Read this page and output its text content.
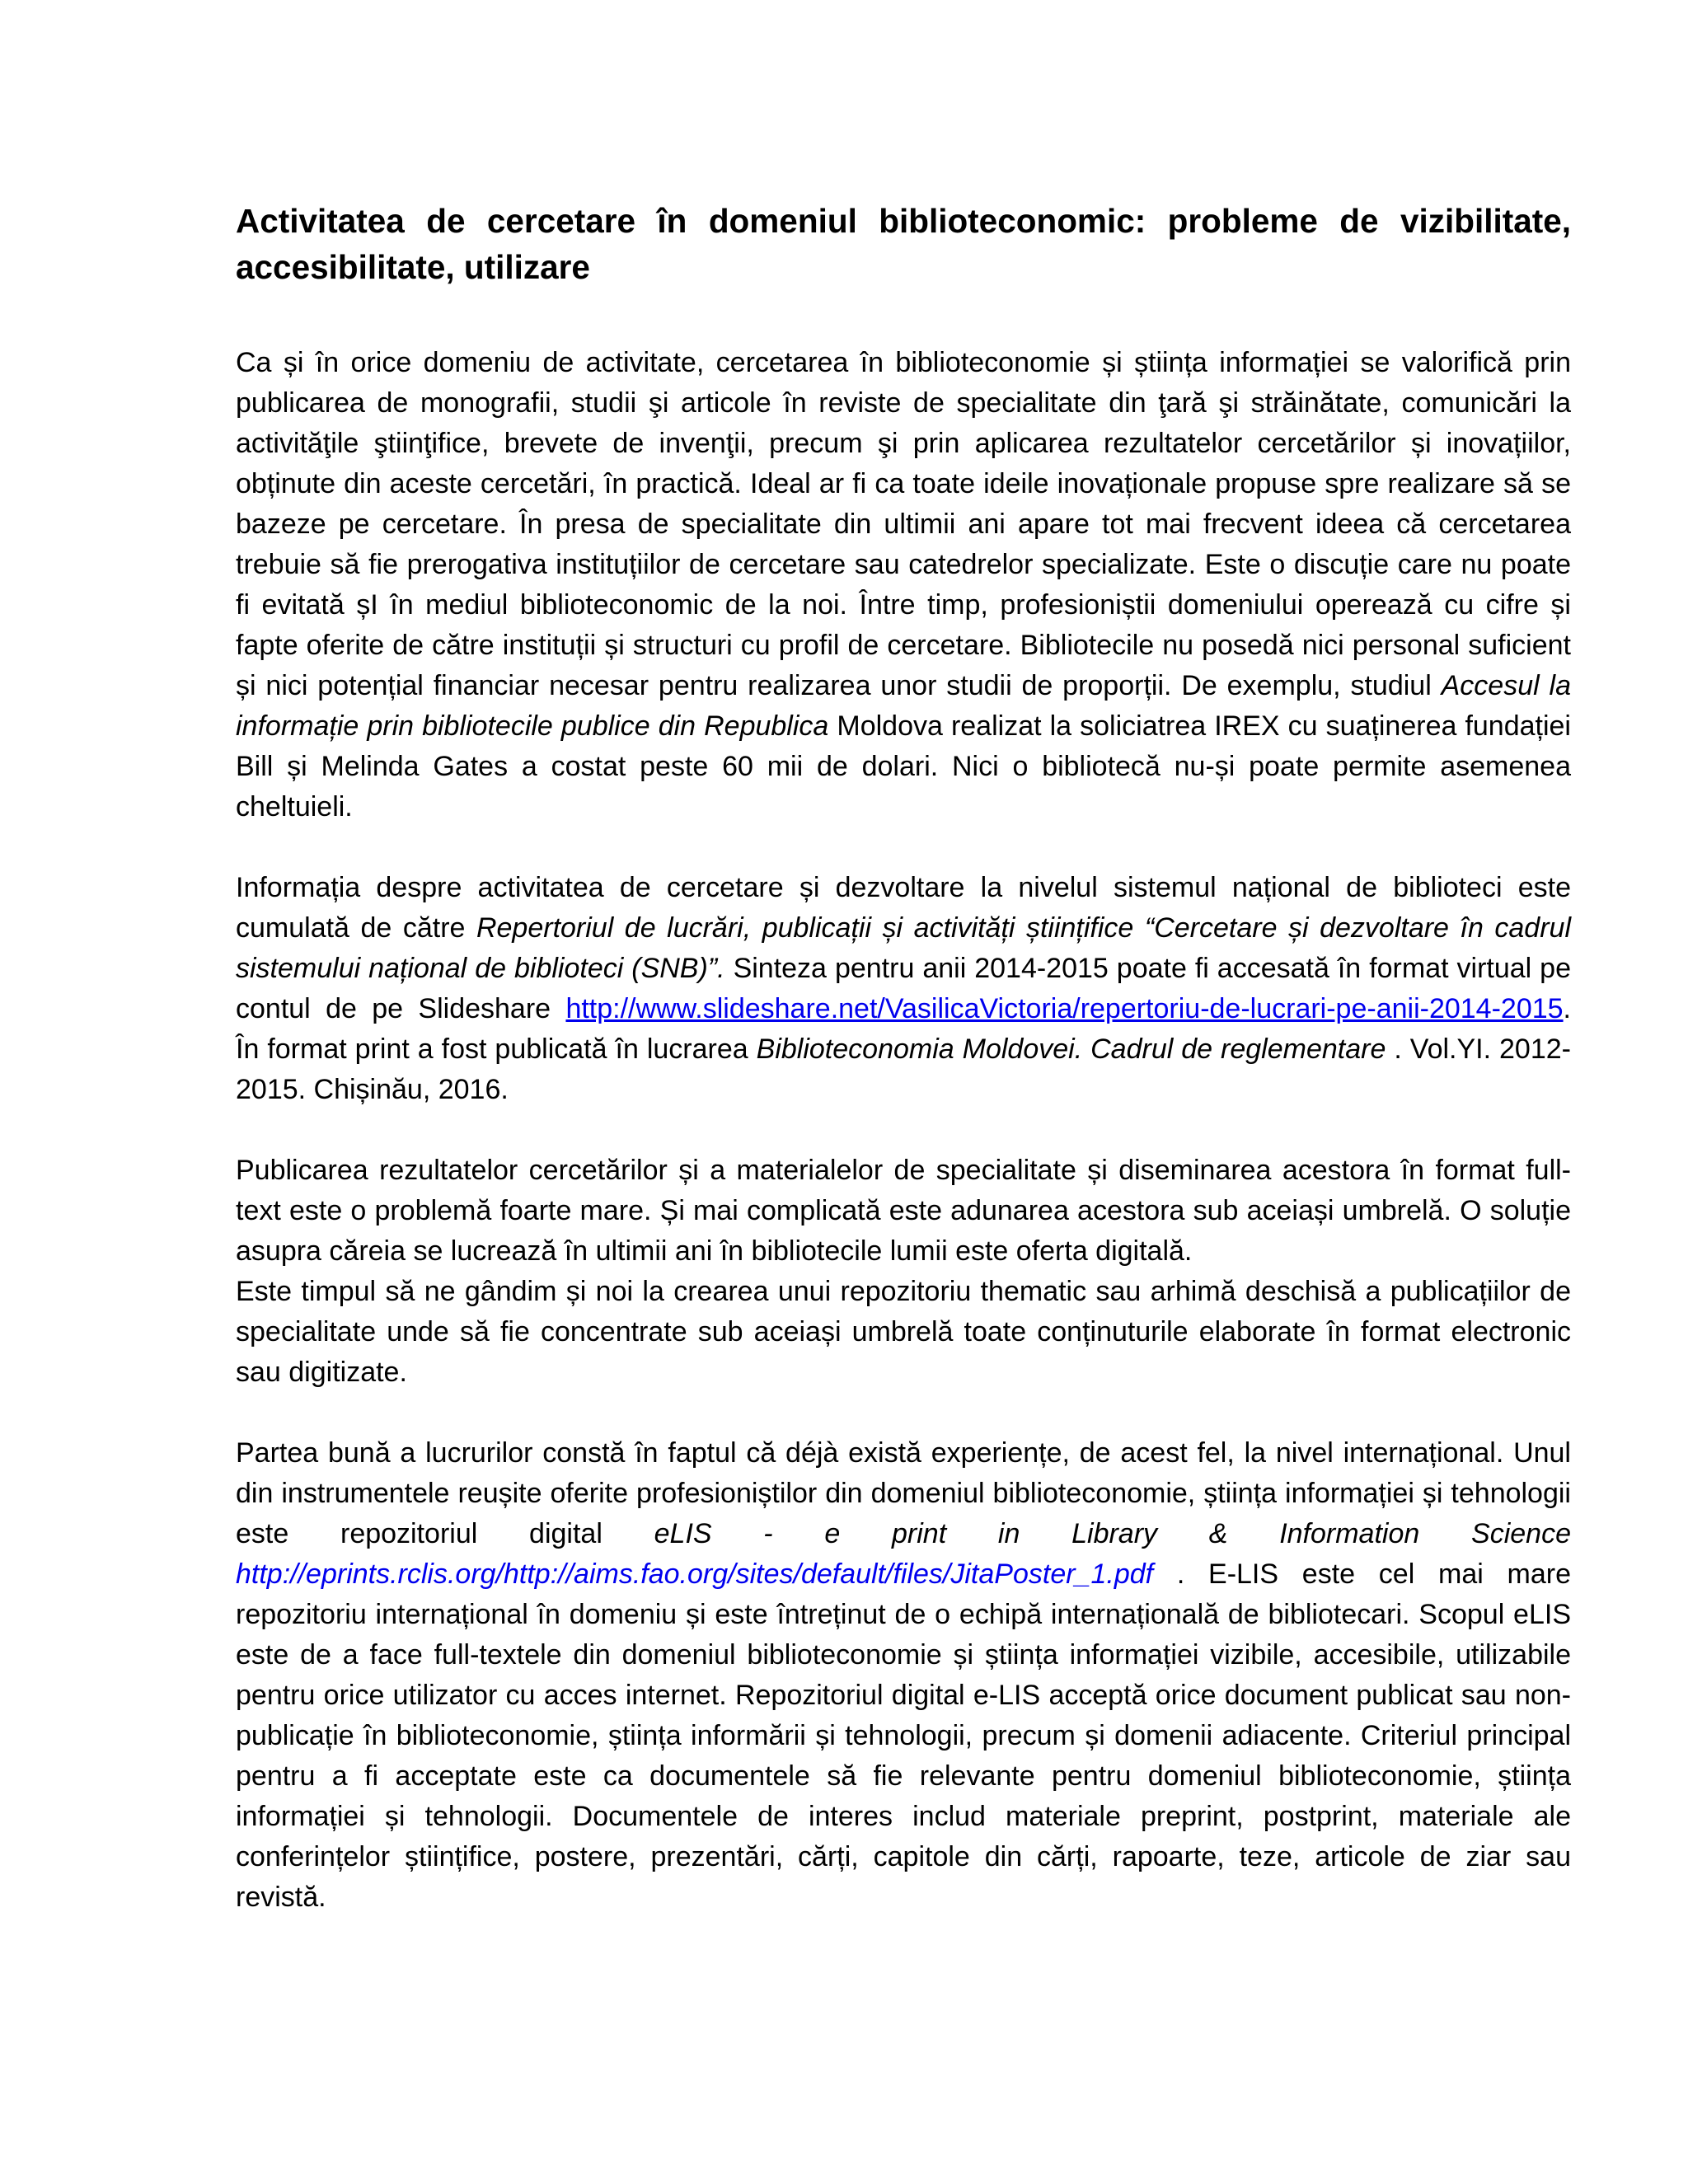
Activitatea de cercetare în domeniul biblioteconomic: probleme de vizibilitate, accesibilitate, utilizare

Ca și în orice domeniu de activitate, cercetarea în biblioteconomie și știința informației se valorifică prin publicarea de monografii, studii şi articole în reviste de specialitate din ţară şi străinătate, comunicări la activităţile ştiinţifice, brevete de invenţii, precum şi prin aplicarea rezultatelor cercetărilor și inovațiilor, obținute din aceste cercetări, în practică. Ideal ar fi ca toate ideile inovaționale propuse spre realizare să se bazeze pe cercetare. În presa de specialitate din ultimii ani apare tot mai frecvent ideea că cercetarea trebuie să fie prerogativa instituțiilor de cercetare sau catedrelor specializate. Este o discuție care nu poate fi evitată șI în mediul biblioteconomic de la noi. Între timp, profesioniștii domeniului operează cu cifre și fapte oferite de către instituții și structuri cu profil de cercetare. Bibliotecile nu posedă nici personal suficient și nici potențial financiar necesar pentru realizarea unor studii de proporții. De exemplu, studiul Accesul la informație prin bibliotecile publice din Republica Moldova realizat la soliciatrea IREX cu suaținerea fundației Bill și Melinda Gates a costat peste 60 mii de dolari. Nici o bibliotecă nu-și poate permite asemenea cheltuieli.

Informația despre activitatea de cercetare și dezvoltare la nivelul sistemul național de biblioteci este cumulată de către Repertoriul de lucrări, publicații și activități științifice “Cercetare și dezvoltare în cadrul sistemului național de biblioteci (SNB)”. Sinteza pentru anii 2014-2015 poate fi accesată în format virtual pe contul de pe Slideshare http://www.slideshare.net/VasilicaVictoria/repertoriu-de-lucrari-pe-anii-2014-2015. În format print a fost publicată în lucrarea Biblioteconomia Moldovei. Cadrul de reglementare . Vol.YI. 2012-2015. Chișinău, 2016.

Publicarea rezultatelor cercetărilor și a materialelor de specialitate și diseminarea acestora în format full-text este o problemă foarte mare. Și mai complicată este adunarea acestora sub aceiași umbrelă. O soluție asupra căreia se lucrează în ultimii ani în bibliotecile lumii este oferta digitală.

Este timpul să ne gândim și noi la crearea unui repozitoriu thematic sau arhimă deschisă a publicațiilor de specialitate unde să fie concentrate sub aceiași umbrelă toate conținuturile elaborate în format electronic sau digitizate.

Partea bună a lucrurilor constă în faptul că déjà există experiențe, de acest fel, la nivel internațional. Unul din instrumentele reușite oferite profesioniștilor din domeniul biblioteconomie, știința informației și tehnologii este repozitoriul digital eLIS - e print in Library & Information Science http://eprints.rclis.org/http://aims.fao.org/sites/default/files/JitaPoster_1.pdf . E-LIS este cel mai mare repozitoriu internațional în domeniu și este întreținut de o echipă internațională de bibliotecari. Scopul eLIS este de a face full-textele din domeniul biblioteconomie și știința informației vizibile, accesibile, utilizabile pentru orice utilizator cu acces internet. Repozitoriul digital e-LIS acceptă orice document publicat sau non-publicație în biblioteconomie, știința informării și tehnologii, precum și domenii adiacente. Criteriul principal pentru a fi acceptate este ca documentele să fie relevante pentru domeniul biblioteconomie, știința informației și tehnologii. Documentele de interes includ materiale preprint, postprint, materiale ale conferințelor științifice, postere, prezentări, cărți, capitole din cărți, rapoarte, teze, articole de ziar sau revistă.
